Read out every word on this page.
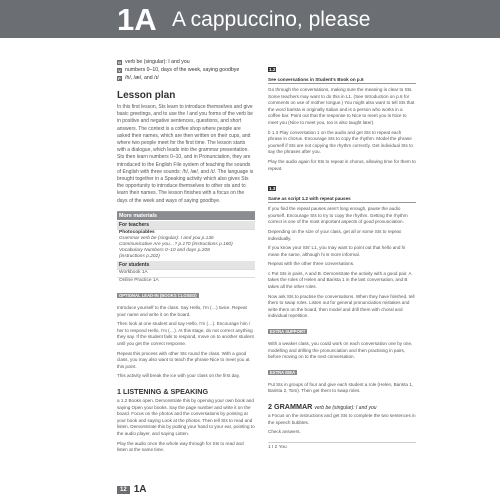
1A A cappuccino, please
G verb be (singular): I and you
V numbers 0–10, days of the week, saying goodbye
P /h/, /æ/, and /ɪ/
Lesson plan
In this first lesson, Sts learn to introduce themselves and give basic greetings, and to use the I and you forms of the verb be in positive and negative sentences, questions, and short answers. The context is a coffee shop where people are asked their names, which are then written on their cups, and where two people meet for the first time. The lesson starts with a dialogue, which leads into the grammar presentation. Sts then learn numbers 0–10, and in Pronunciation, they are introduced to the English File system of teaching the sounds of English with three sounds: /h/, /æ/, and /ɪ/. The language is brought together in a Speaking activity which also gives Sts the opportunity to introduce themselves to other sts and to learn their names. The lesson finishes with a focus on the days of the week and ways of saying goodbye.
More materials
For teachers
Photocopiables
Grammar verb be (singular): I and you p.136
Communicative Are you…? p.170 (instructions p.160)
Vocabulary Numbers 0–10 and days p.208
(instructions p.202)
For students
Workbook 1A
Online Practice 1A
OPTIONAL LEAD-IN (BOOKS CLOSED)
Introduce yourself to the class. Say Hello, I'm (…) twice. Repeat your name and write it on the board.
Then look at one student and say Hello, I'm (…). Encourage him / her to respond Hello, I'm (…). At this stage, do not correct anything they say. If the student fails to respond, move on to another student until you get the correct response.
Repeat this process with other Sts round the class. With a good class, you may also want to teach the phrase Nice to meet you at this point.
This activity will break the ice with your class on the first day.
1 LISTENING & SPEAKING
a 1.2 Books open. Demonstrate this by opening your own book and saying Open your books. Say the page number and write it on the board. Focus on the photos and the conversations by pointing at your book and saying Look at the photos. Then tell Sts to read and listen. Demonstrate this by putting your hand to your ear, pointing to the audio player, and saying Listen.
Play the audio once the whole way through for Sts to read and listen at the same time.
1.2
See conversations in Student's Book on p.6
Go through the conversations, making sure the meaning is clear to Sts. Some teachers may want to do this in L1. (See Introduction on p.6 for comments on use of mother tongue.) You might also want to tell Sts that the word barista is originally Italian and is a person who works in a coffee bar. Point out that the response to Nice to meet you is Nice to meet you (Nice to meet you, too is also taught later).
b 1.3 Play conversation 1 on the audio and get Sts to repeat each phrase in chorus. Encourage Sts to copy the rhythm. Model the phrase yourself if Sts are not copying the rhythm correctly. Get individual Sts to say the phrases after you.
Play the audio again for Sts to repeat in chorus, allowing time for them to repeat.
1.3
Same as script 1.2 with repeat pauses
If you find the repeat pauses aren't long enough, pause the audio yourself. Encourage Sts to try to copy the rhythm. Getting the rhythm correct is one of the most important aspects of good pronunciation.
Depending on the size of your class, get all or some Sts to repeat individually.
If you know your Sts' L1, you may want to point out that hello and hi mean the same, although hi is more informal.
Repeat with the other three conversations.
c Put Sts in pairs, A and B. Demonstrate the activity with a good pair. A takes the roles of Helen and Barista 1 in the last conversation, and B takes all the other roles.
Now ask Sts to practise the conversations. When they have finished, tell them to swap roles. Listen out for general pronunciation mistakes and write them on the board, then model and drill them with choral and individual repetition.
EXTRA SUPPORT
With a weaker class, you could work on each conversation one by one, modelling and drilling the pronunciation and then practising in pairs, before moving on to the next conversation.
EXTRA IDEA
Put Sts in groups of four and give each student a role (Helen, Barista 1, Barista 2, Tom). Then get them to swap roles.
2 GRAMMAR verb be (singular): I and you
a Focus on the instructions and get Sts to complete the two sentences in the speech bubbles.
Check answers.
1 I 2 You
12 1A
